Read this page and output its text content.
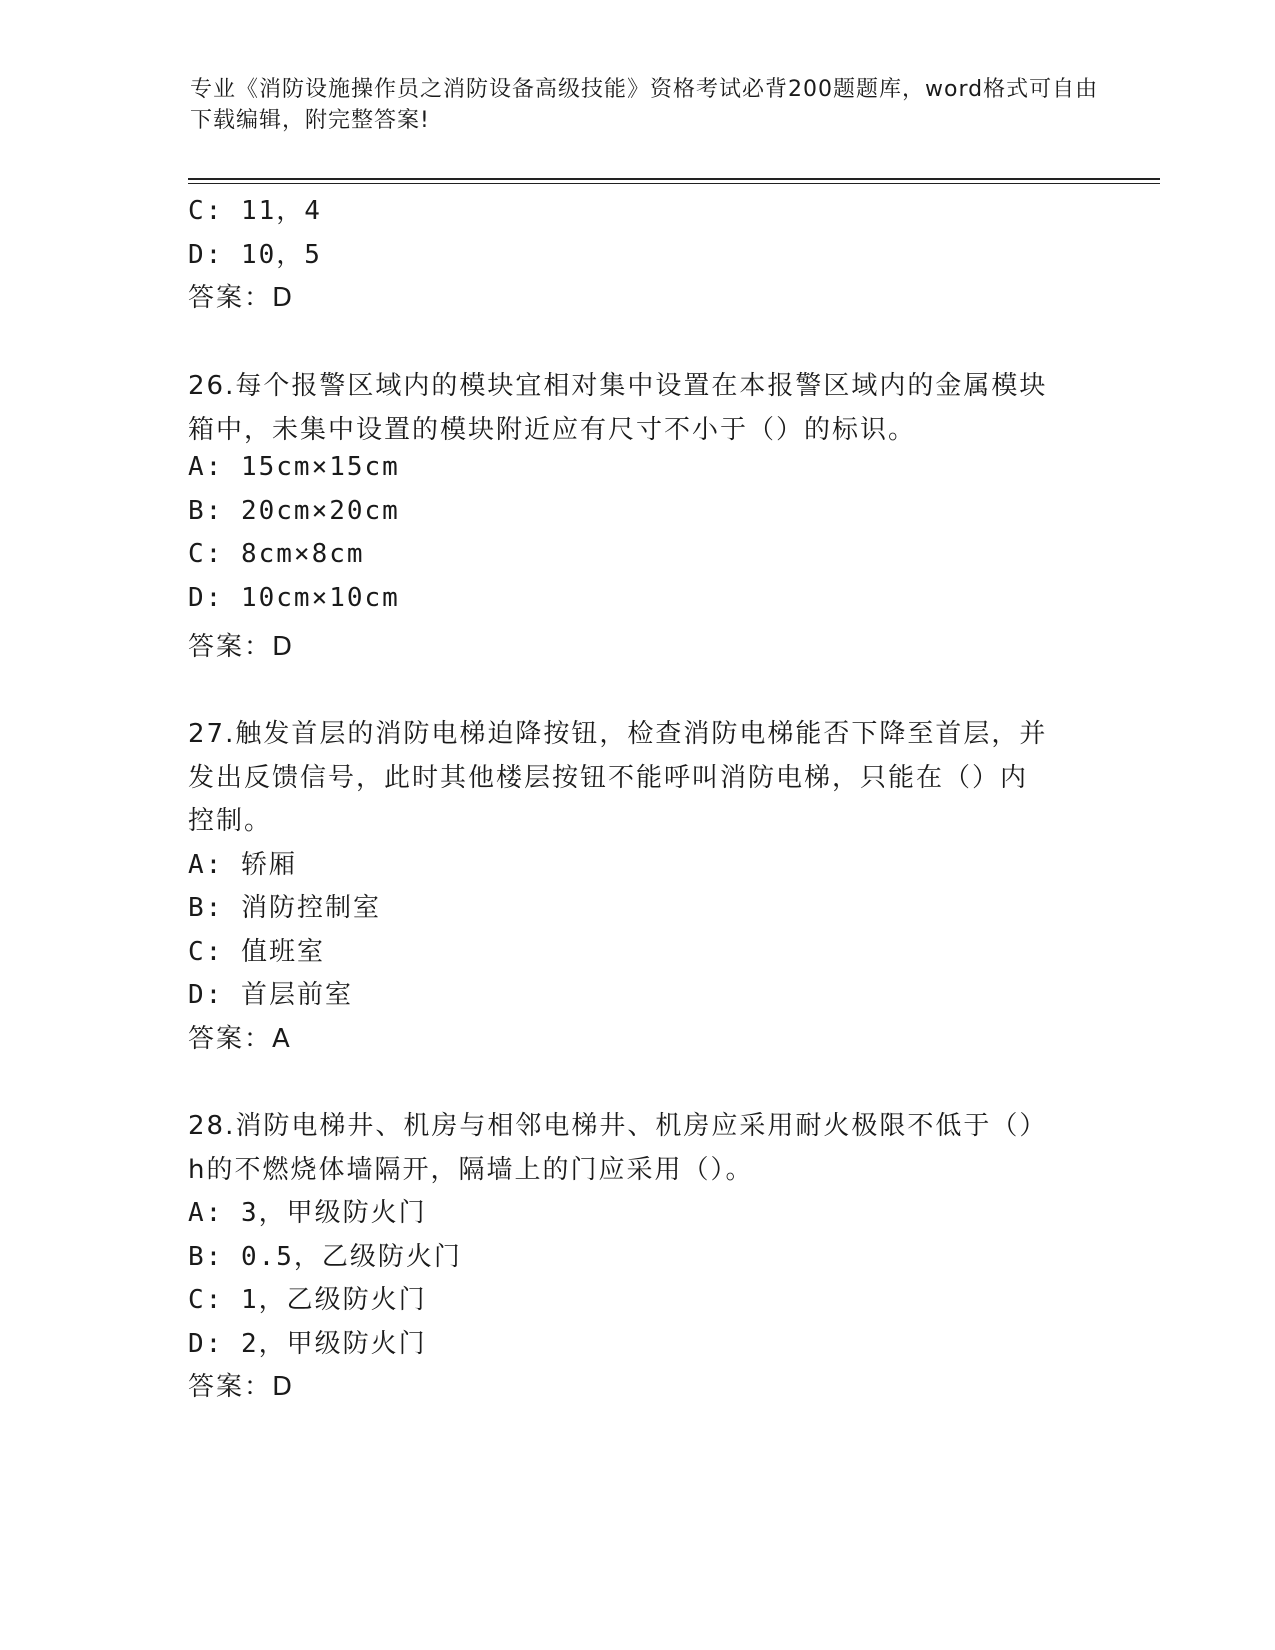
专业《消防设施操作员之消防设备高级技能》资格考试必背200题题库，word格式可自由下载编辑，附完整答案!
C: 11，4
D: 10，5
答案：D
26.每个报警区域内的模块宜相对集中设置在本报警区域内的金属模块
箱中，未集中设置的模块附近应有尺寸不小于（）的标识。
A: 15cm×15cm
B: 20cm×20cm
C: 8cm×8cm
D: 10cm×10cm
答案：D
27.触发首层的消防电梯迫降按钮，检查消防电梯能否下降至首层，并
发出反馈信号，此时其他楼层按钮不能呼叫消防电梯，只能在（）内
控制。
A: 轿厢
B: 消防控制室
C: 值班室
D: 首层前室
答案：A
28.消防电梯井、机房与相邻电梯井、机房应采用耐火极限不低于（）
h的不燃烧体墙隔开，隔墙上的门应采用（）。
A: 3，甲级防火门
B: 0.5，乙级防火门
C: 1，乙级防火门
D: 2，甲级防火门
答案：D
